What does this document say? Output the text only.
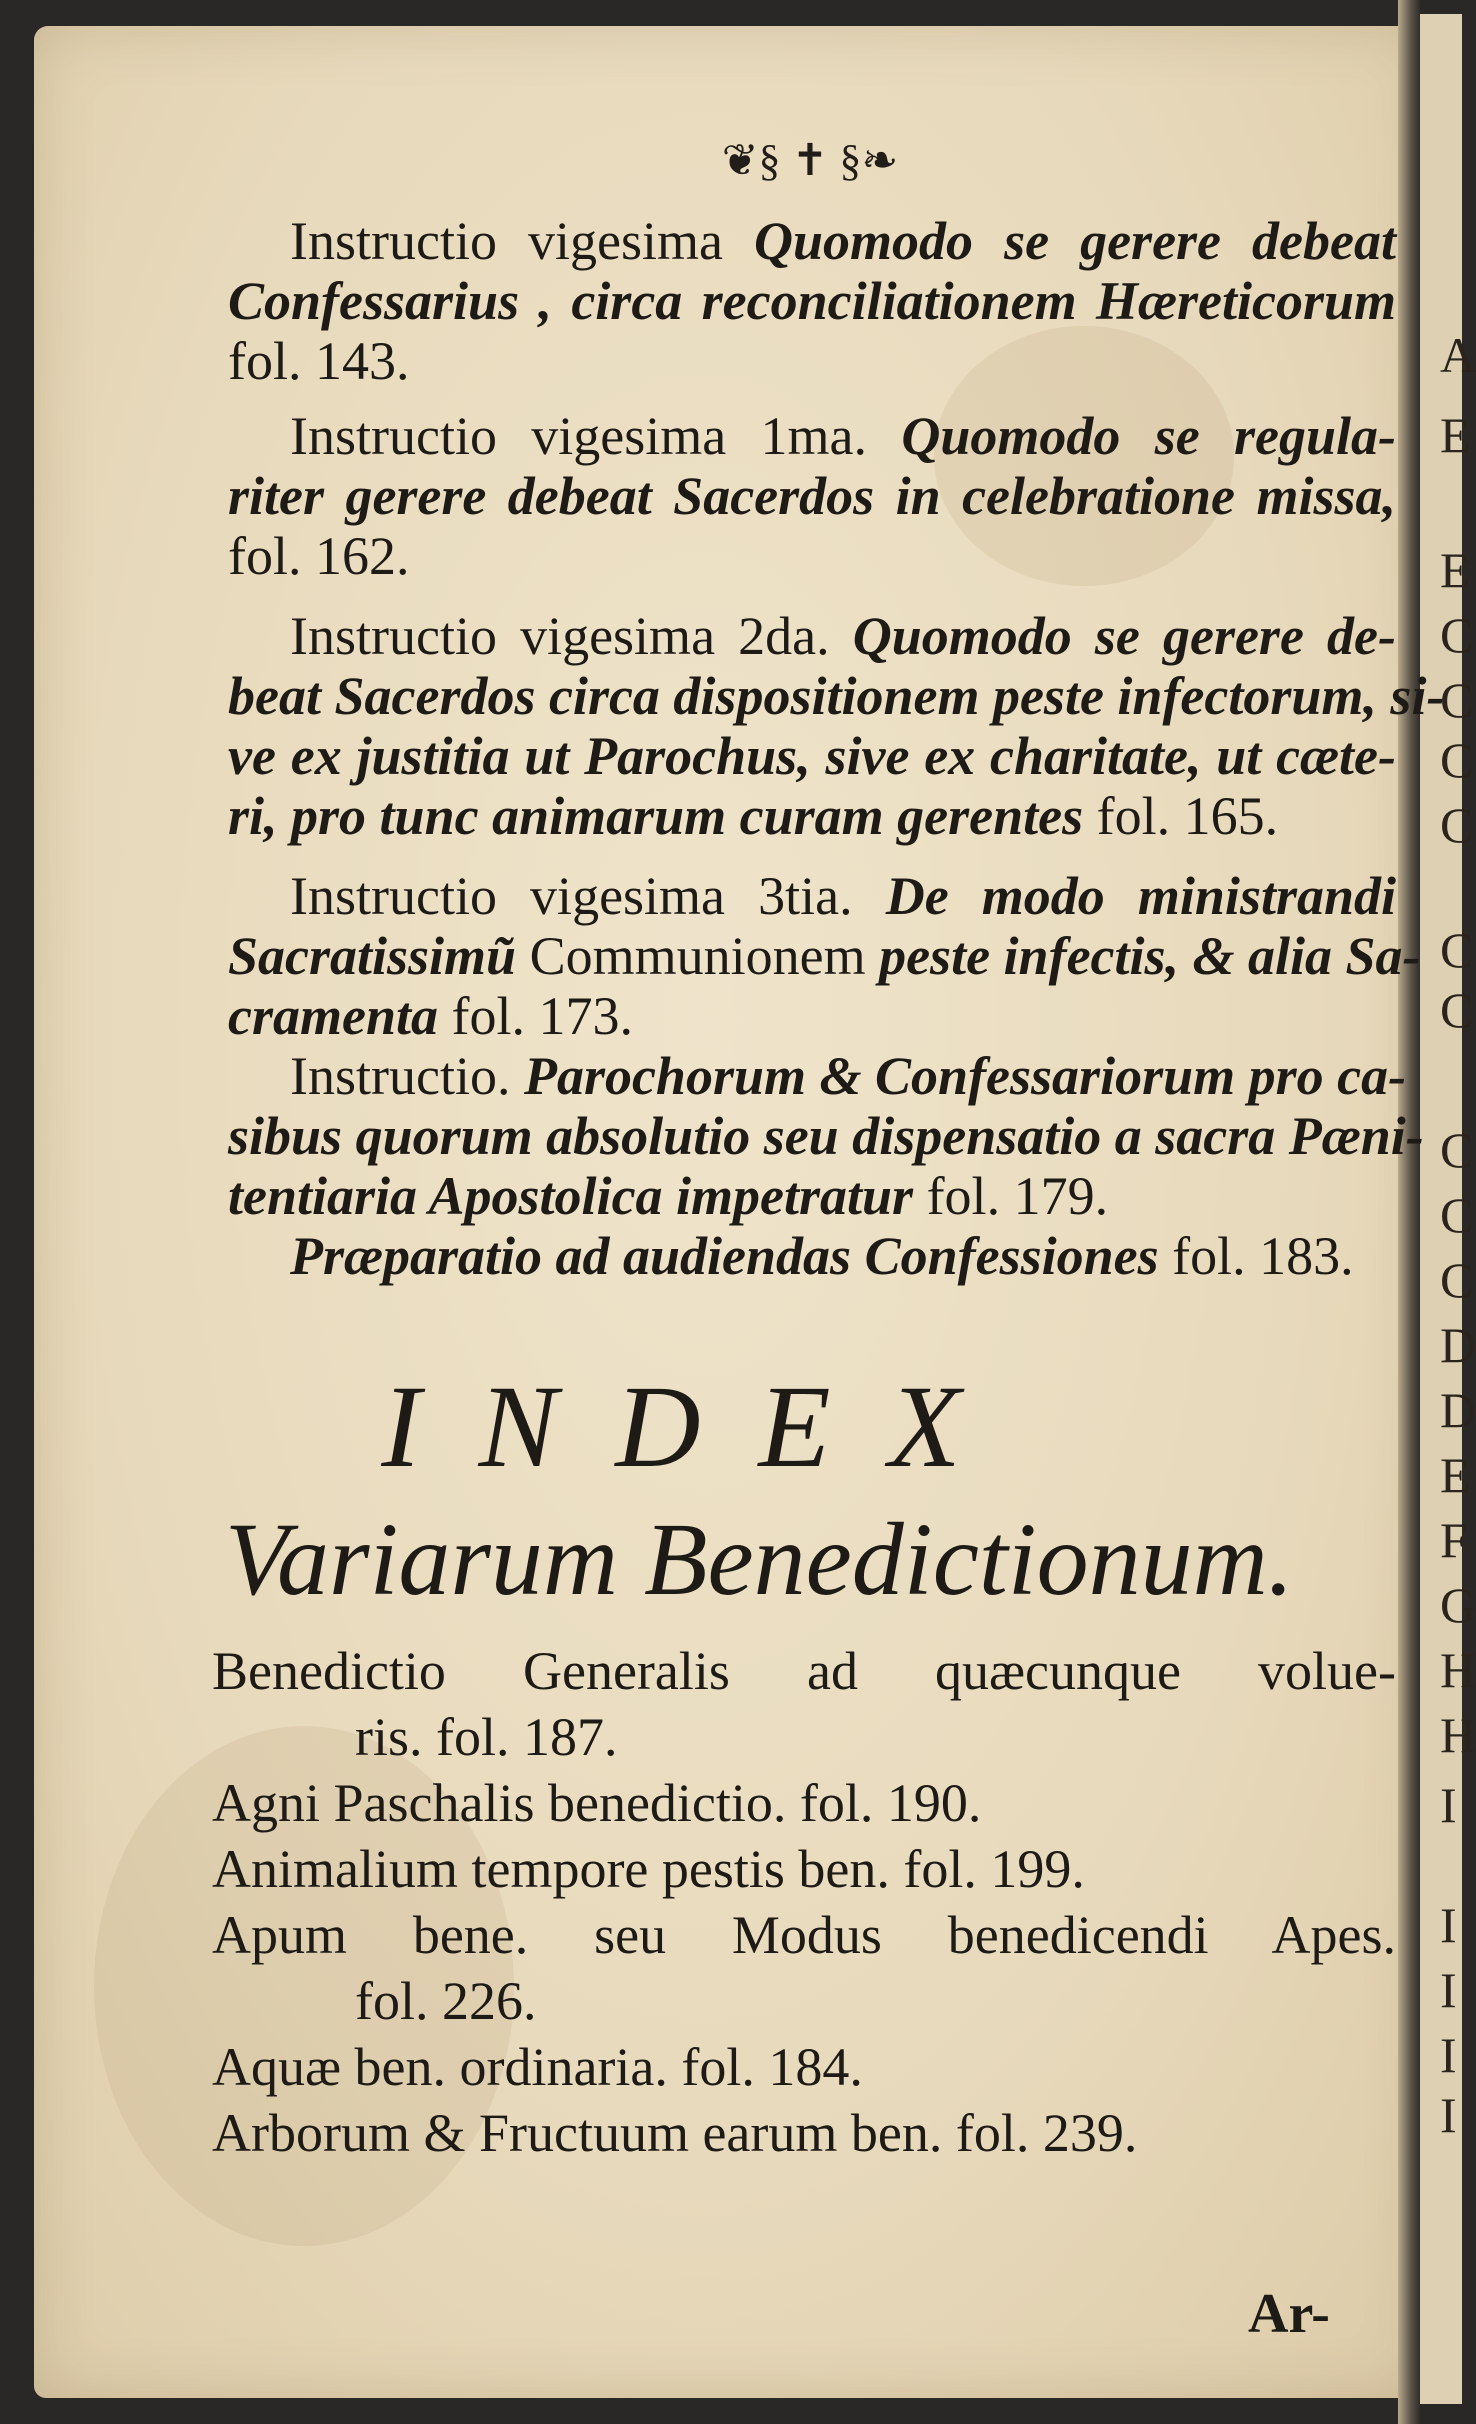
A
E
E
C
C
C
C
C
C
C
C
C
D
D
E
F
G
H
H
I
I
I
I
I
❦§ ✝ §❧
Instructio vigesima Quomodo se gerere debeat
Confessarius , circa reconciliationem Hæreticorum
fol. 143.
Instructio vigesima 1ma. Quomodo se regula-
riter gerere debeat Sacerdos in celebratione missa,
fol. 162.
Instructio vigesima 2da. Quomodo se gerere de-
beat Sacerdos circa dispositionem peste infectorum, si-
ve ex justitia ut Parochus, sive ex charitate, ut cæte-
ri, pro tunc animarum curam gerentes fol. 165.
Instructio vigesima 3tia. De modo ministrandi
Sacratissimũ Communionem peste infectis, & alia Sa-
cramenta fol. 173.
Instructio. Parochorum & Confessariorum pro ca-
sibus quorum absolutio seu dispensatio a sacra Pæni-
tentiaria Apostolica impetratur fol. 179.
Præparatio ad audiendas Confessiones fol. 183.
INDEX
Variarum Benedictionum.
Benedictio Generalis ad quæcunque volue-
ris. fol. 187.
Agni Paschalis benedictio. fol. 190.
Animalium tempore pestis ben. fol. 199.
Apum bene. seu Modus benedicendi Apes.
fol. 226.
Aquæ ben. ordinaria. fol. 184.
Arborum & Fructuum earum ben. fol. 239.
Ar-
